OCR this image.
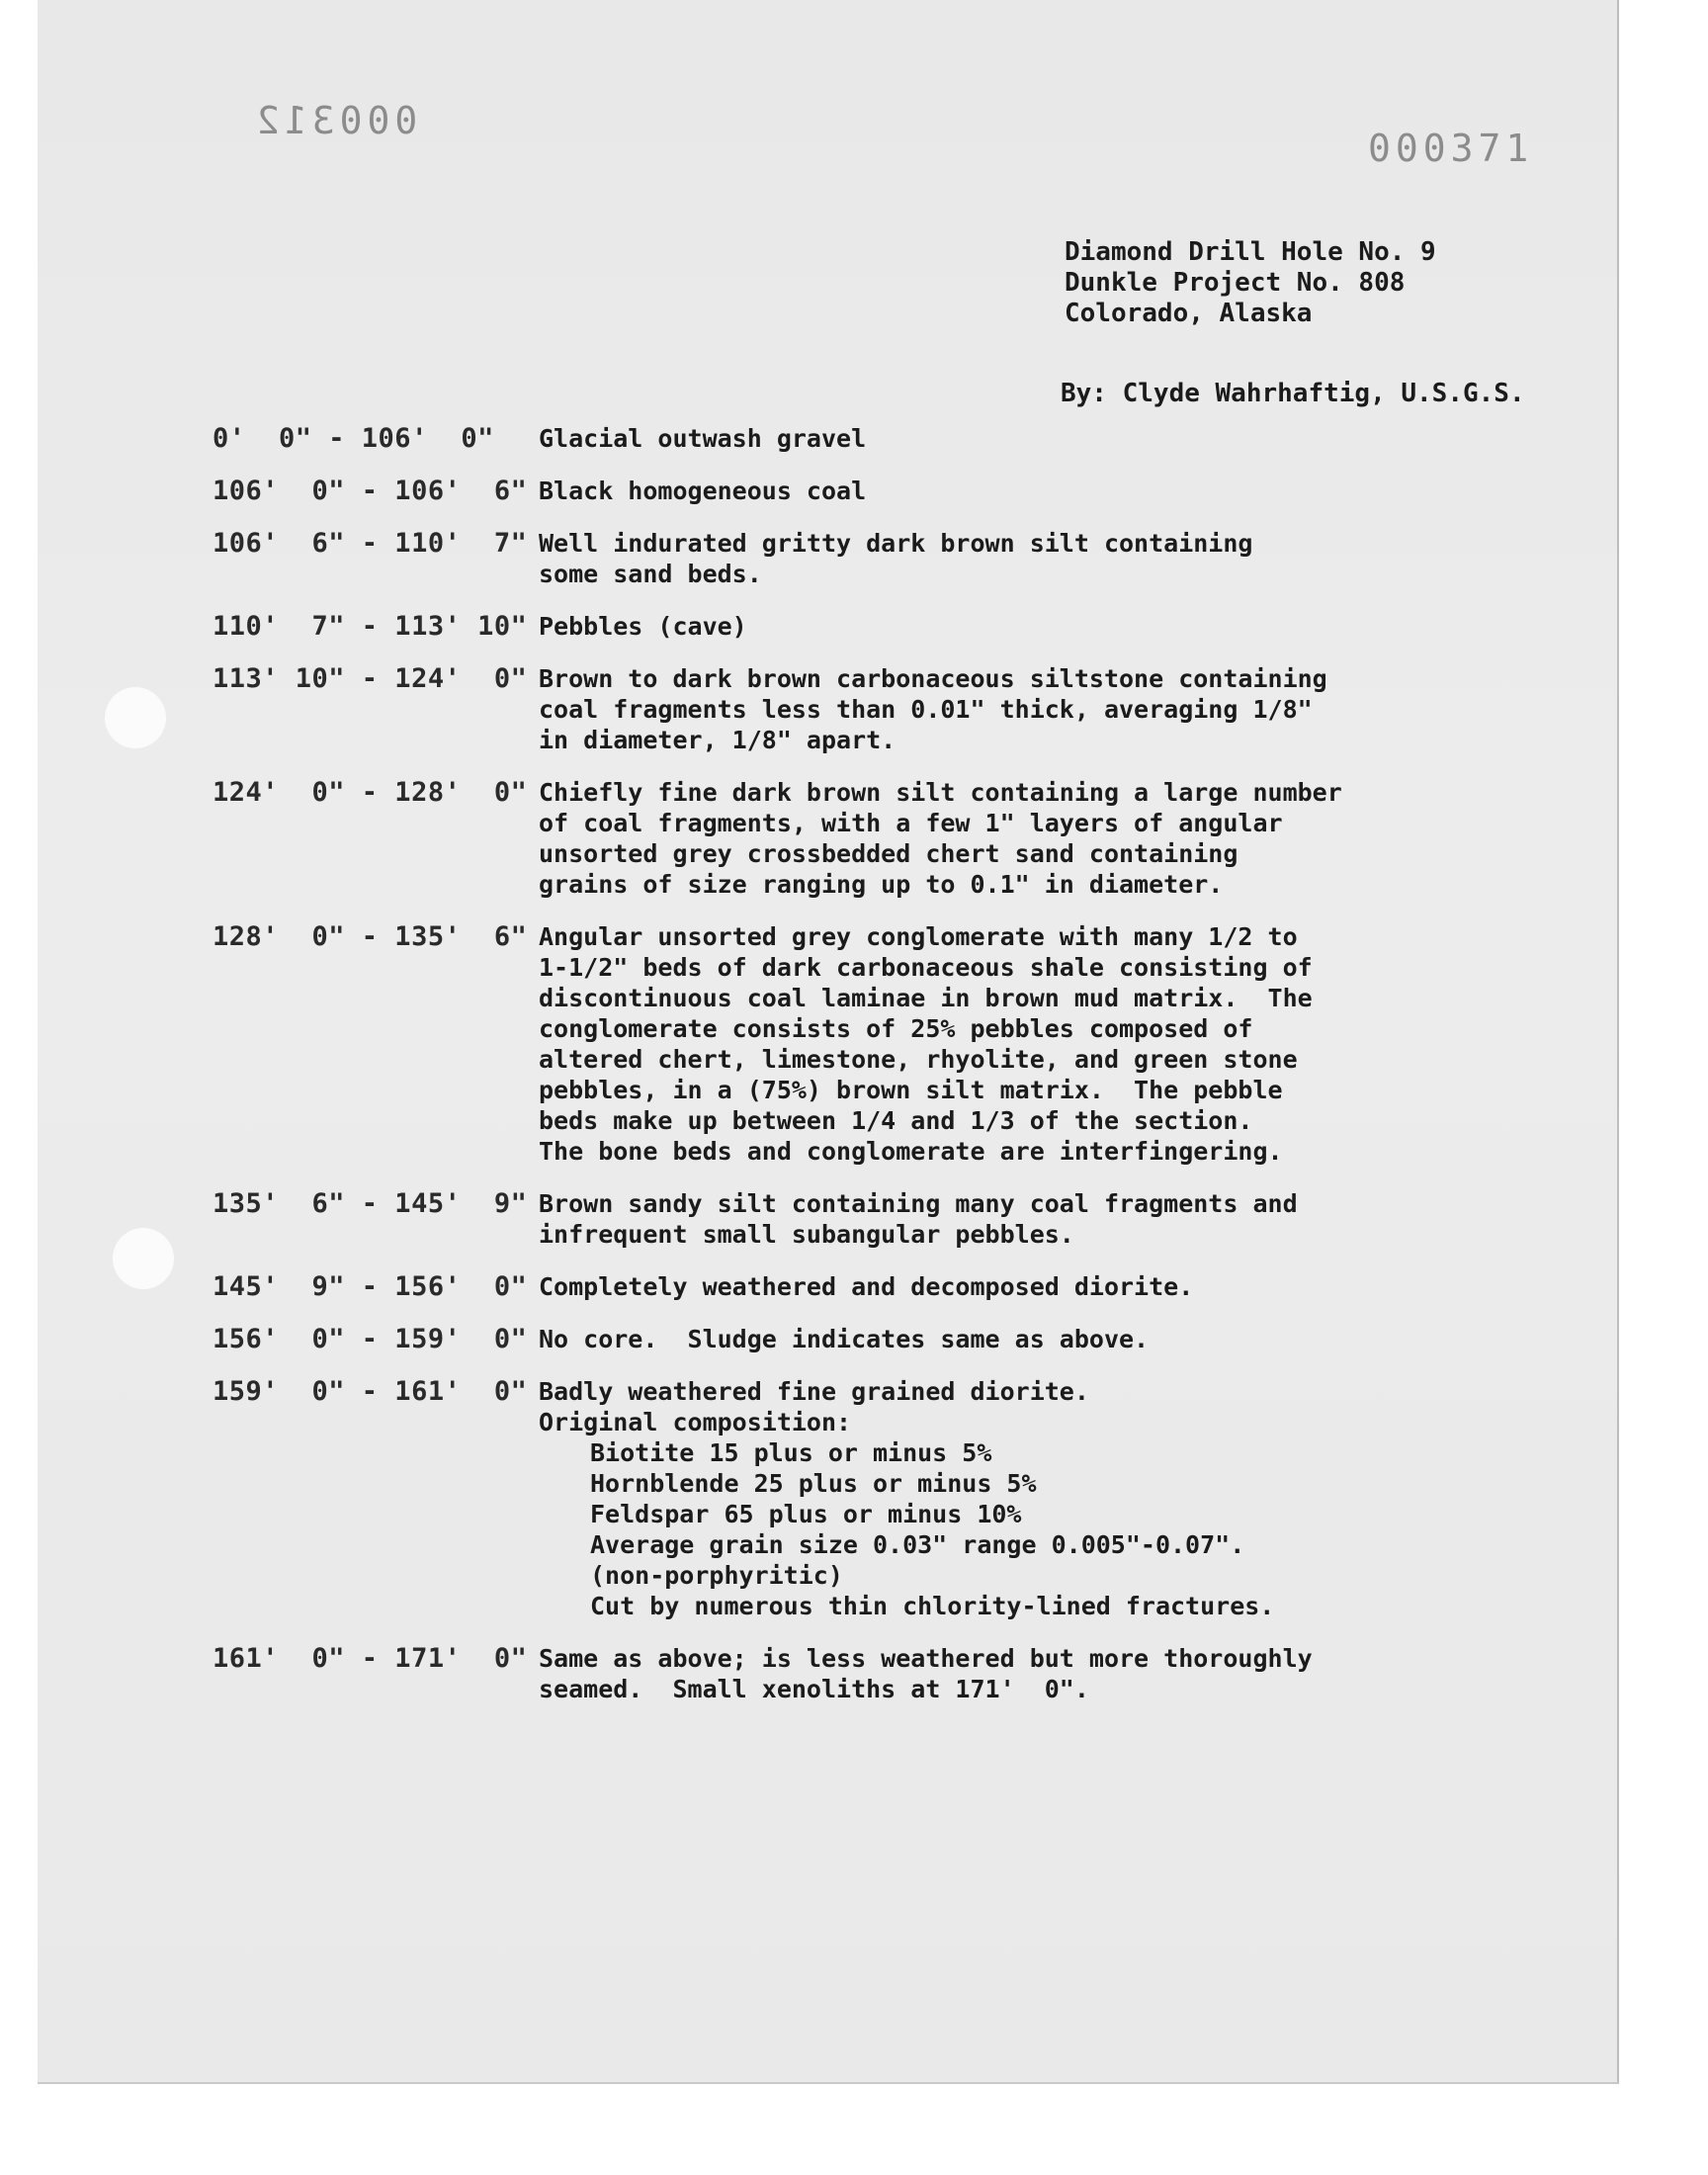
000312
000371
Diamond Drill Hole No. 9
Dunkle Project No. 808
Colorado, Alaska
By: Clyde Wahrhaftig, U.S.G.S.
0'  0" - 106'  0"	Glacial outwash gravel
106'  0" - 106'  6" Black homogeneous coal
106'  6" - 110'  7" Well indurated gritty dark brown silt containing
some sand beds.
110'  7" - 113' 10" Pebbles (cave)
113' 10" - 124'  0" Brown to dark brown carbonaceous siltstone containing
coal fragments less than 0.01" thick, averaging 1/8"
in diameter, 1/8" apart.
124'  0" - 128'  0" Chiefly fine dark brown silt containing a large number
of coal fragments, with a few 1" layers of angular
unsorted grey crossbedded chert sand containing
grains of size ranging up to 0.1" in diameter.
128'  0" - 135'  6" Angular unsorted grey conglomerate with many 1/2 to
1-1/2" beds of dark carbonaceous shale consisting of
discontinuous coal laminae in brown mud matrix.  The
conglomerate consists of 25% pebbles composed of
altered chert, limestone, rhyolite, and green stone
pebbles, in a (75%) brown silt matrix.  The pebble
beds make up between 1/4 and 1/3 of the section.
The bone beds and conglomerate are interfingering.
135'  6" - 145'  9" Brown sandy silt containing many coal fragments and
infrequent small subangular pebbles.
145'  9" - 156'  0" Completely weathered and decomposed diorite.
156'  0" - 159'  0" No core.  Sludge indicates same as above.
159'  0" - 161'  0" Badly weathered fine grained diorite.
Original composition:
Biotite 15 plus or minus 5%
Hornblende 25 plus or minus 5%
Feldspar 65 plus or minus 10%
Average grain size 0.03" range 0.005"-0.07".
(non-porphyritic)
Cut by numerous thin chlority-lined fractures.
161'  0" - 171'  0" Same as above; is less weathered but more thoroughly
seamed.  Small xenoliths at 171'  0".
